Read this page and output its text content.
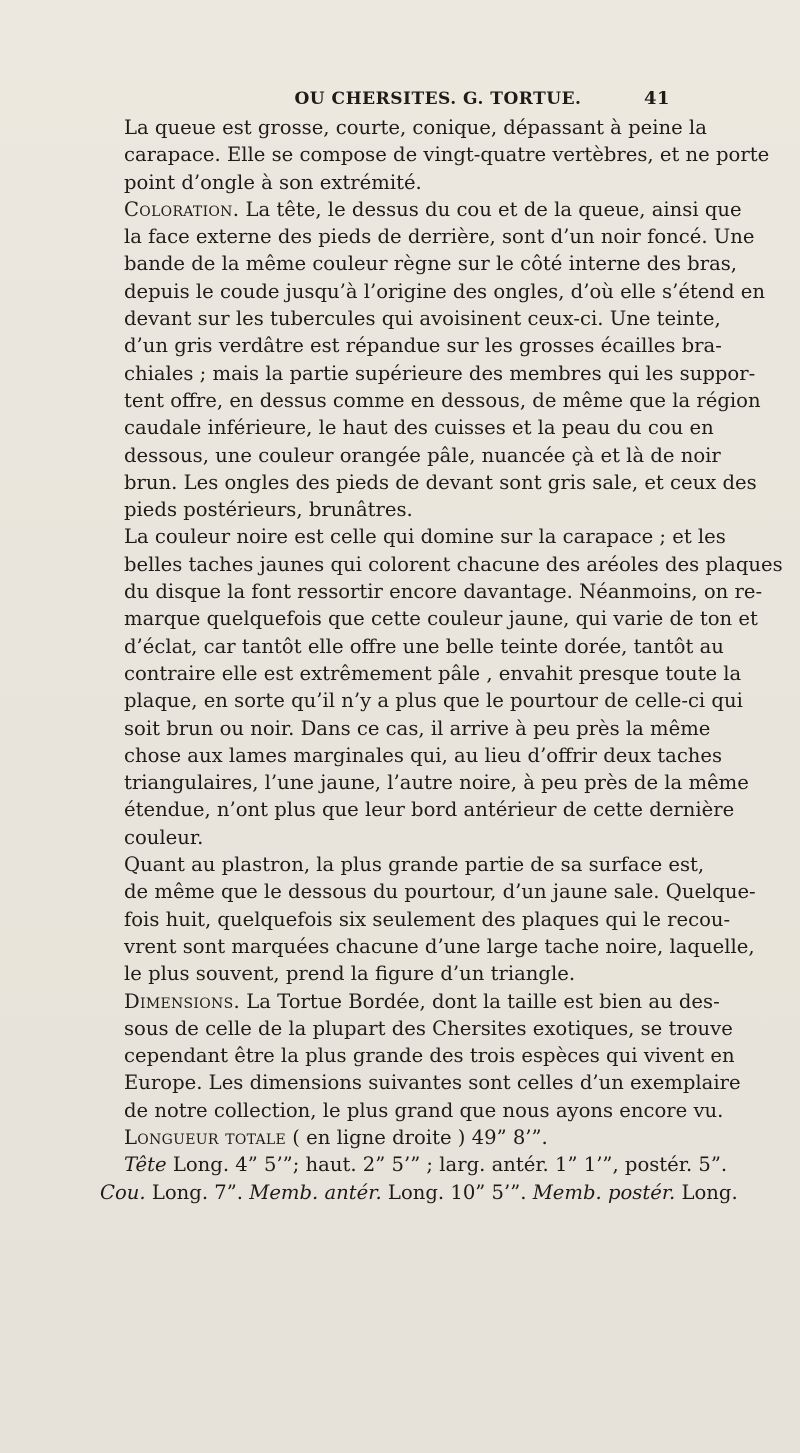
OU CHERSITES. G. TORTUE.	41
La queue est grosse, courte, conique, dépassant à peine la
carapace. Elle se compose de vingt-quatre vertèbres, et ne porte
point d’ongle à son extrémité.
Coloration. La tête, le dessus du cou et de la queue, ainsi que
la face externe des pieds de derrière, sont d’un noir foncé. Une
bande de la même couleur règne sur le côté interne des bras,
depuis le coude jusqu’à l’origine des ongles, d’où elle s’étend en
devant sur les tubercules qui avoisinent ceux-ci. Une teinte,
d’un gris verdâtre est répandue sur les grosses écailles bra-
chiales ; mais la partie supérieure des membres qui les suppor-
tent offre, en dessus comme en dessous, de même que la région
caudale inférieure, le haut des cuisses et la peau du cou en
dessous, une couleur orangée pâle, nuancée çà et là de noir
brun. Les ongles des pieds de devant sont gris sale, et ceux des
pieds postérieurs, brunâtres.
La couleur noire est celle qui domine sur la carapace ; et les
belles taches jaunes qui colorent chacune des aréoles des plaques
du disque la font ressortir encore davantage. Néanmoins, on re-
marque quelquefois que cette couleur jaune, qui varie de ton et
d’éclat, car tantôt elle offre une belle teinte dorée, tantôt au
contraire elle est extrêmement pâle , envahit presque toute la
plaque, en sorte qu’il n’y a plus que le pourtour de celle-ci qui
soit brun ou noir. Dans ce cas, il arrive à peu près la même
chose aux lames marginales qui, au lieu d’offrir deux taches
triangulaires, l’une jaune, l’autre noire, à peu près de la même
étendue, n’ont plus que leur bord antérieur de cette dernière
couleur.
Quant au plastron, la plus grande partie de sa surface est,
de même que le dessous du pourtour, d’un jaune sale. Quelque-
fois huit, quelquefois six seulement des plaques qui le recou-
vrent sont marquées chacune d’une large tache noire, laquelle,
le plus souvent, prend la figure d’un triangle.
Dimensions. La Tortue Bordée, dont la taille est bien au des-
sous de celle de la plupart des Chersites exotiques, se trouve
cependant être la plus grande des trois espèces qui vivent en
Europe. Les dimensions suivantes sont celles d’un exemplaire
de notre collection, le plus grand que nous ayons encore vu.
Longueur totale ( en ligne droite ) 49” 8’”.
Tête Long. 4” 5’”; haut. 2” 5’” ; larg. antér. 1” 1’”, postér. 5”.
Cou. Long. 7”. Memb. antér. Long. 10” 5’”. Memb. postér. Long.
